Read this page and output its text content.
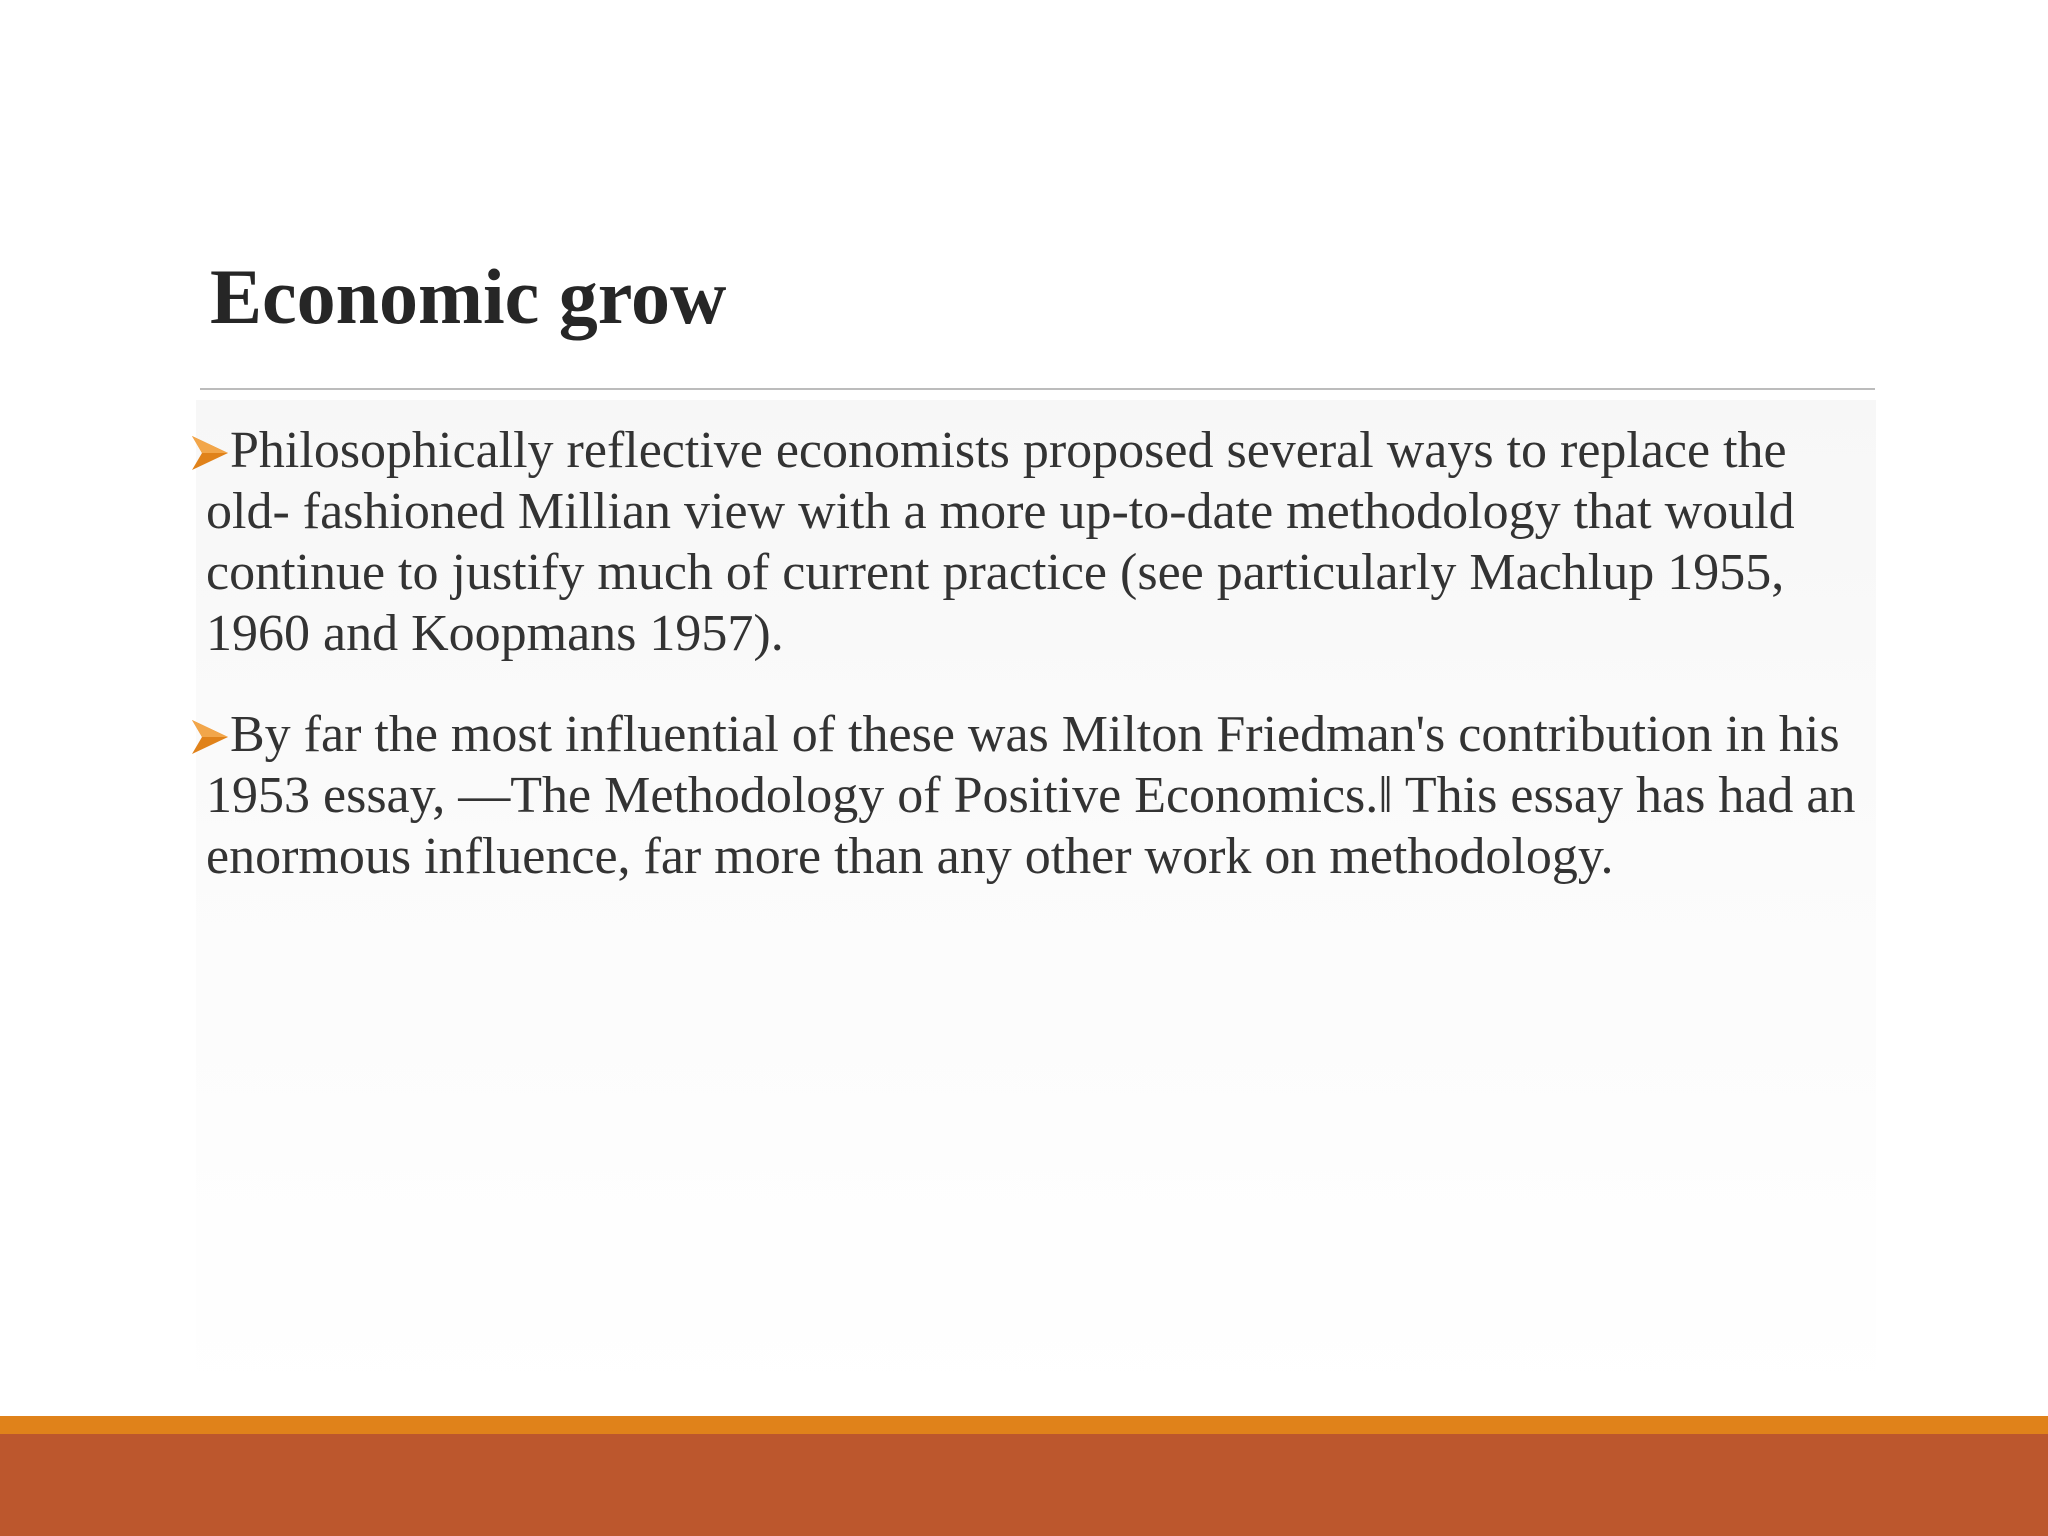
Economic grow
Philosophically reflective economists proposed several ways to replace the old- fashioned Millian view with a more up-to-date methodology that would continue to justify much of current practice (see particularly Machlup 1955, 1960 and Koopmans 1957).
By far the most influential of these was Milton Friedman's contribution in his 1953 essay, ―The Methodology of Positive Economics.‖ This essay has had an enormous influence, far more than any other work on methodology.
